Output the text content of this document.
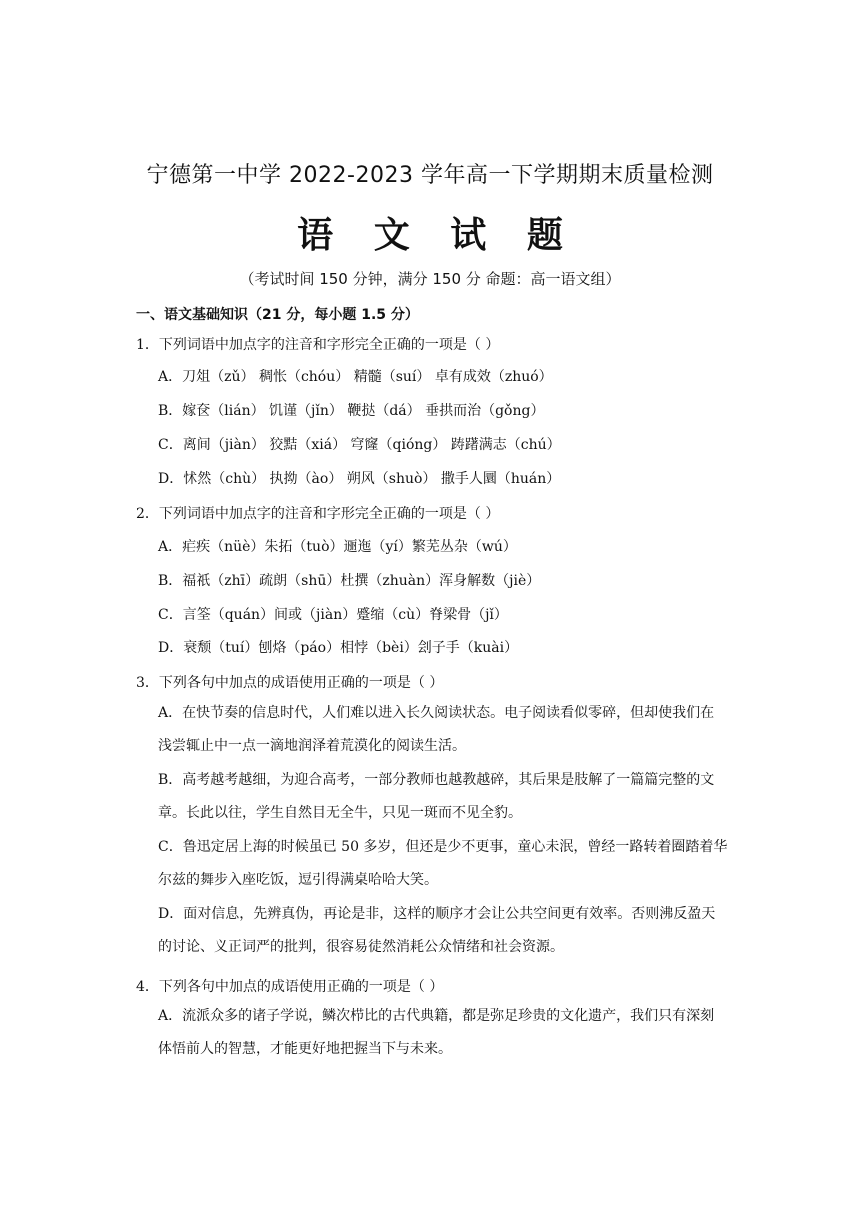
宁德第一中学 2022-2023 学年高一下学期期末质量检测
语 文 试 题
（考试时间 150 分钟，满分 150 分 命题：高一语文组）
一、语文基础知识（21 分，每小题 1.5 分）
1．下列词语中加点字的注音和字形完全正确的一项是（ ）
A．刀俎（zǔ） 稠怅（chóu） 精髓（suí） 卓有成效（zhuó）
B．嫁奁（lián） 饥谨（jǐn） 鞭挞（dá） 垂拱而治（gǒng）
C．离间（jiàn） 狡黠（xiá） 穹窿（qióng） 踌躇满志（chú）
D．怵然（chù） 执拗（ào） 朔风（shuò） 撒手人圜（huán）
2．下列词语中加点字的注音和字形完全正确的一项是（ ）
A．疟疾（nüè）朱拓（tuò）逦迤（yí）繁芜丛杂（wú）
B．福祇（zhī）疏朗（shū）杜撰（zhuàn）浑身解数（jiè）
C．言筌（quán）间或（jiàn）蹙缩（cù）脊梁骨（jǐ）
D．衰颓（tuí）刨烙（páo）相悖（bèi）刽子手（kuài）
3．下列各句中加点的成语使用正确的一项是（ ）
A．在快节奏的信息时代，人们难以进入长久阅读状态。电子阅读看似零碎，但却使我们在浅尝辄止中一点一滴地润泽着荒漠化的阅读生活。
B．高考越考越细，为迎合高考，一部分教师也越教越碎，其后果是肢解了一篇篇完整的文章。长此以往，学生自然目无全牛，只见一斑而不见全豹。
C．鲁迅定居上海的时候虽已 50 多岁，但还是少不更事，童心未泯，曾经一路转着圈踏着华尔兹的舞步入座吃饭，逗引得满桌哈哈大笑。
D．面对信息，先辨真伪，再论是非，这样的顺序才会让公共空间更有效率。否则沸反盈天的讨论、义正词严的批判，很容易徒然消耗公众情绪和社会资源。
4．下列各句中加点的成语使用正确的一项是（ ）
A．流派众多的诸子学说，鳞次栉比的古代典籍，都是弥足珍贵的文化遗产，我们只有深刻体悟前人的智慧，才能更好地把握当下与未来。
